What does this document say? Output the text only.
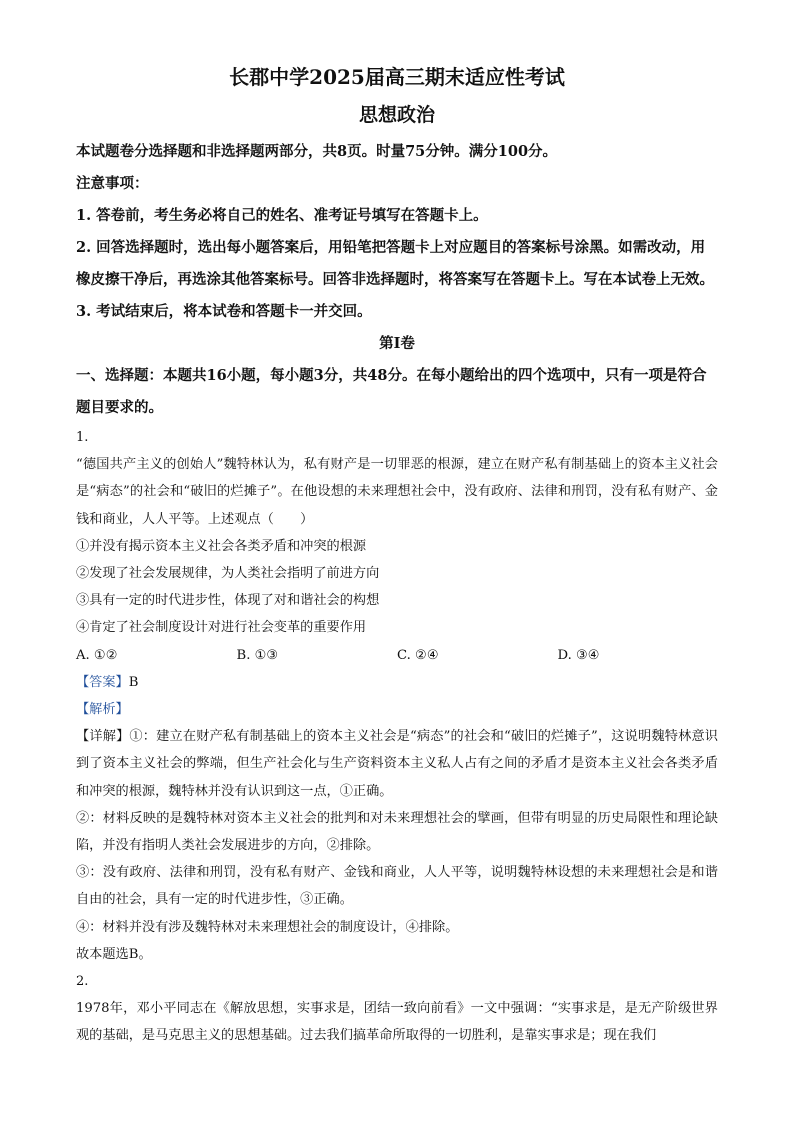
长郡中学2025届高三期末适应性考试
思想政治

本试题卷分选择题和非选择题两部分，共8页。时量75分钟。满分100分。

注意事项：

1. 答卷前，考生务必将自己的姓名、准考证号填写在答题卡上。

2. 回答选择题时，选出每小题答案后，用铅笔把答题卡上对应题目的答案标号涂黑。如需改动，用橡皮擦干净后，再选涂其他答案标号。回答非选择题时，将答案写在答题卡上。写在本试卷上无效。

3. 考试结束后，将本试卷和答题卡一并交回。

第Ⅰ卷

一、选择题：本题共16小题，每小题3分，共48分。在每小题给出的四个选项中，只有一项是符合题目要求的。

1.

“德国共产主义的创始人”魏特林认为，私有财产是一切罪恶的根源，建立在财产私有制基础上的资本主义社会是“病态”的社会和“破旧的烂摊子”。在他设想的未来理想社会中，没有政府、法律和刑罚，没有私有财产、金钱和商业，人人平等。上述观点（　　）

①并没有揭示资本主义社会各类矛盾和冲突的根源

②发现了社会发展规律，为人类社会指明了前进方向

③具有一定的时代进步性，体现了对和谐社会的构想

④肯定了社会制度设计对进行社会变革的重要作用

A. ①②	B. ①③	C. ②④	D. ③④

【答案】B

【解析】

【详解】①：建立在财产私有制基础上的资本主义社会是“病态”的社会和“破旧的烂摊子”，这说明魏特林意识到了资本主义社会的弊端，但生产社会化与生产资料资本主义私人占有之间的矛盾才是资本主义社会各类矛盾和冲突的根源，魏特林并没有认识到这一点，①正确。

②：材料反映的是魏特林对资本主义社会的批判和对未来理想社会的擘画，但带有明显的历史局限性和理论缺陷，并没有指明人类社会发展进步的方向，②排除。

③：没有政府、法律和刑罚，没有私有财产、金钱和商业，人人平等，说明魏特林设想的未来理想社会是和谐自由的社会，具有一定的时代进步性，③正确。

④：材料并没有涉及魏特林对未来理想社会的制度设计，④排除。

故本题选B。

2.

1978年，邓小平同志在《解放思想，实事求是，团结一致向前看》一文中强调：“实事求是，是无产阶级世界观的基础，是马克思主义的思想基础。过去我们搞革命所取得的一切胜利，是靠实事求是；现在我们
